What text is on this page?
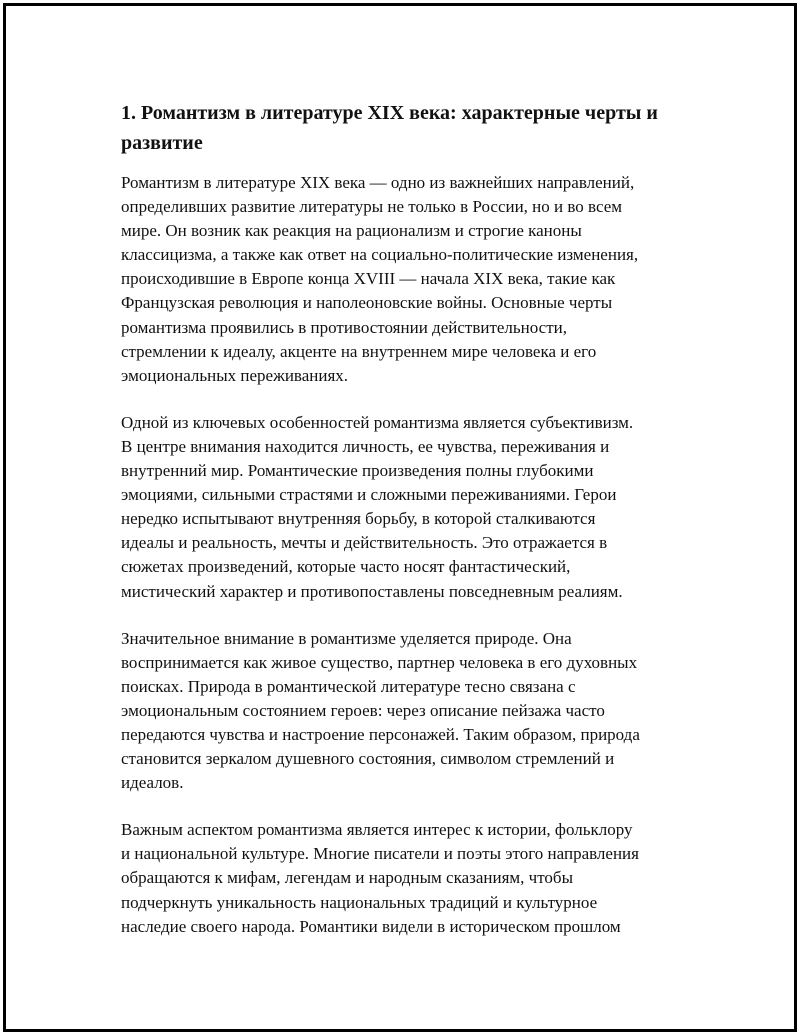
1. Романтизм в литературе XIX века: характерные черты и
развитие

Романтизм в литературе XIX века — одно из важнейших направлений,
определивших развитие литературы не только в России, но и во всем
мире. Он возник как реакция на рационализм и строгие каноны
классицизма, а также как ответ на социально-политические изменения,
происходившие в Европе конца XVIII — начала XIX века, такие как
Французская революция и наполеоновские войны. Основные черты
романтизма проявились в противостоянии действительности,
стремлении к идеалу, акценте на внутреннем мире человека и его
эмоциональных переживаниях.

Одной из ключевых особенностей романтизма является субъективизм.
В центре внимания находится личность, ее чувства, переживания и
внутренний мир. Романтические произведения полны глубокими
эмоциями, сильными страстями и сложными переживаниями. Герои
нередко испытывают внутренняя борьбу, в которой сталкиваются
идеалы и реальность, мечты и действительность. Это отражается в
сюжетах произведений, которые часто носят фантастический,
мистический характер и противопоставлены повседневным реалиям.

Значительное внимание в романтизме уделяется природе. Она
воспринимается как живое существо, партнер человека в его духовных
поисках. Природа в романтической литературе тесно связана с
эмоциональным состоянием героев: через описание пейзажа часто
передаются чувства и настроение персонажей. Таким образом, природа
становится зеркалом душевного состояния, символом стремлений и
идеалов.

Важным аспектом романтизма является интерес к истории, фольклору
и национальной культуре. Многие писатели и поэты этого направления
обращаются к мифам, легендам и народным сказаниям, чтобы
подчеркнуть уникальность национальных традиций и культурное
наследие своего народа. Романтики видели в историческом прошлом
